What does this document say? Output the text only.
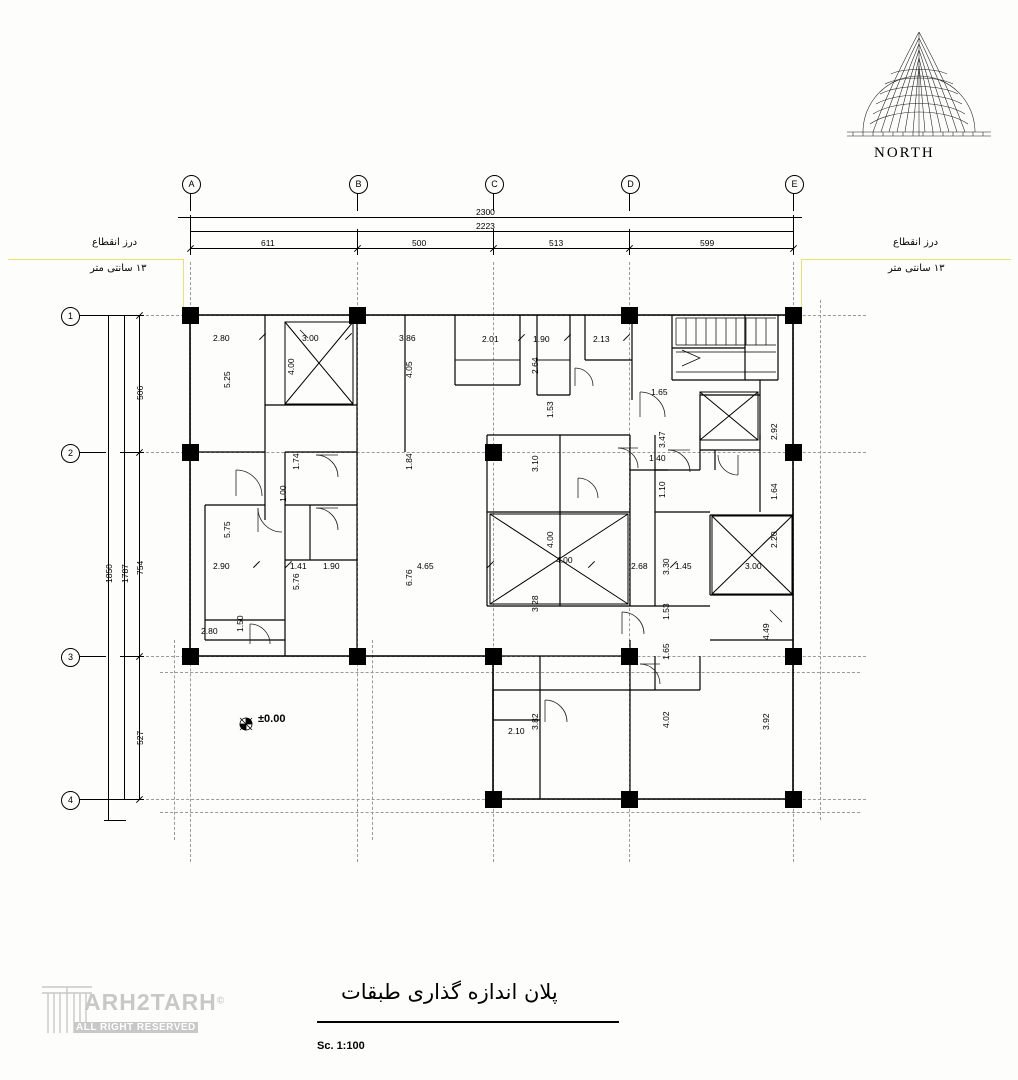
NORTH
درز انقطاع
۱۳ سانتی متر
درز انقطاع
۱۳ سانتی متر
A	B	C	D	E
1
2
3
4
2300
2223
611	500	513	599
1850 1787
506
754
527
±0.00
2.80	3.00	3.86	2.01	1.90	2.13
5.25
4.00	4.05	2.64
1.53
3.47	2.92
1.74	1.84
1.00
1.40
1.65
1.64
3.10
1.10
5.75
2.90	1.41 1.90
5.76	6.76
4.65
4.00
4.00
2.68 3.30 1.45	3.00
2.20
4.49
2.80 1.50
3.28
1.65
1.53
2.10
3.82	4.02	3.92
پلان اندازه گذاری طبقات
Sc. 1:100
ARH2TARH©
ALL RIGHT RESERVED
